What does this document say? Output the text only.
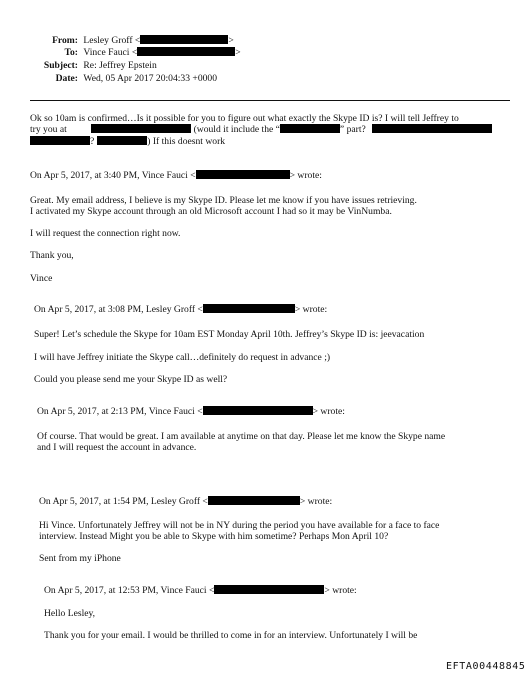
From: Lesley Groff <	>
To: Vince Fauci <	>
Subject: Re: Jeffrey Epstein
Date: Wed, 05 Apr 2017 20:04:33 +0000
Ok so 10am is confirmed…Is it possible for you to figure out what exactly the Skype ID is? I will tell Jeffrey to
try you at	(would it include the “	” part?
?	) If this doesnt work
On Apr 5, 2017, at 3:40 PM, Vince Fauci <	> wrote:
Great. My email address, I believe is my Skype ID. Please let me know if you have issues retrieving.
I activated my Skype account through an old Microsoft account I had so it may be VinNumba.
I will request the connection right now.
Thank you,
Vince
On Apr 5, 2017, at 3:08 PM, Lesley Groff <	> wrote:
Super! Let’s schedule the Skype for 10am EST Monday April 10th. Jeffrey’s Skype ID is: jeevacation
I will have Jeffrey initiate the Skype call…definitely do request in advance ;)
Could you please send me your Skype ID as well?
On Apr 5, 2017, at 2:13 PM, Vince Fauci <	> wrote:
Of course. That would be great. I am available at anytime on that day. Please let me know the Skype name
and I will request the account in advance.
On Apr 5, 2017, at 1:54 PM, Lesley Groff <	> wrote:
Hi Vince. Unfortunately Jeffrey will not be in NY during the period you have available for a face to face
interview. Instead Might you be able to Skype with him sometime? Perhaps Mon April 10?
Sent from my iPhone
On Apr 5, 2017, at 12:53 PM, Vince Fauci <	> wrote:
Hello Lesley,
Thank you for your email. I would be thrilled to come in for an interview. Unfortunately I will be
EFTA00448845
